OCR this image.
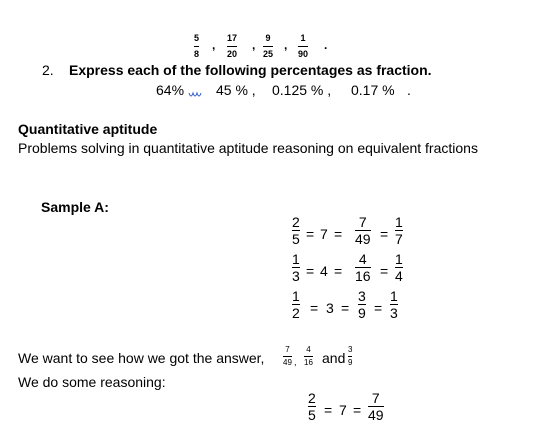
5
8
, 17
20
, 9
25
, 1
90
.
2. Express each of the following percentages as fraction.
64% 45 % , 0.125 % , 0.17 % .
Quantitative aptitude
Problems solving in quantitative aptitude reasoning on equivalent fractions
Sample A:
2
5 = 7 =
7
49 =
1
7
1
3 = 4 =
4
16 =
1
4
1
2 = 3 =
3
9 =
1
3
We want to see how we got the answer,
7
49 ,
4
16 and
3
9
We do some reasoning:
2
5 = 7 =
7
49
